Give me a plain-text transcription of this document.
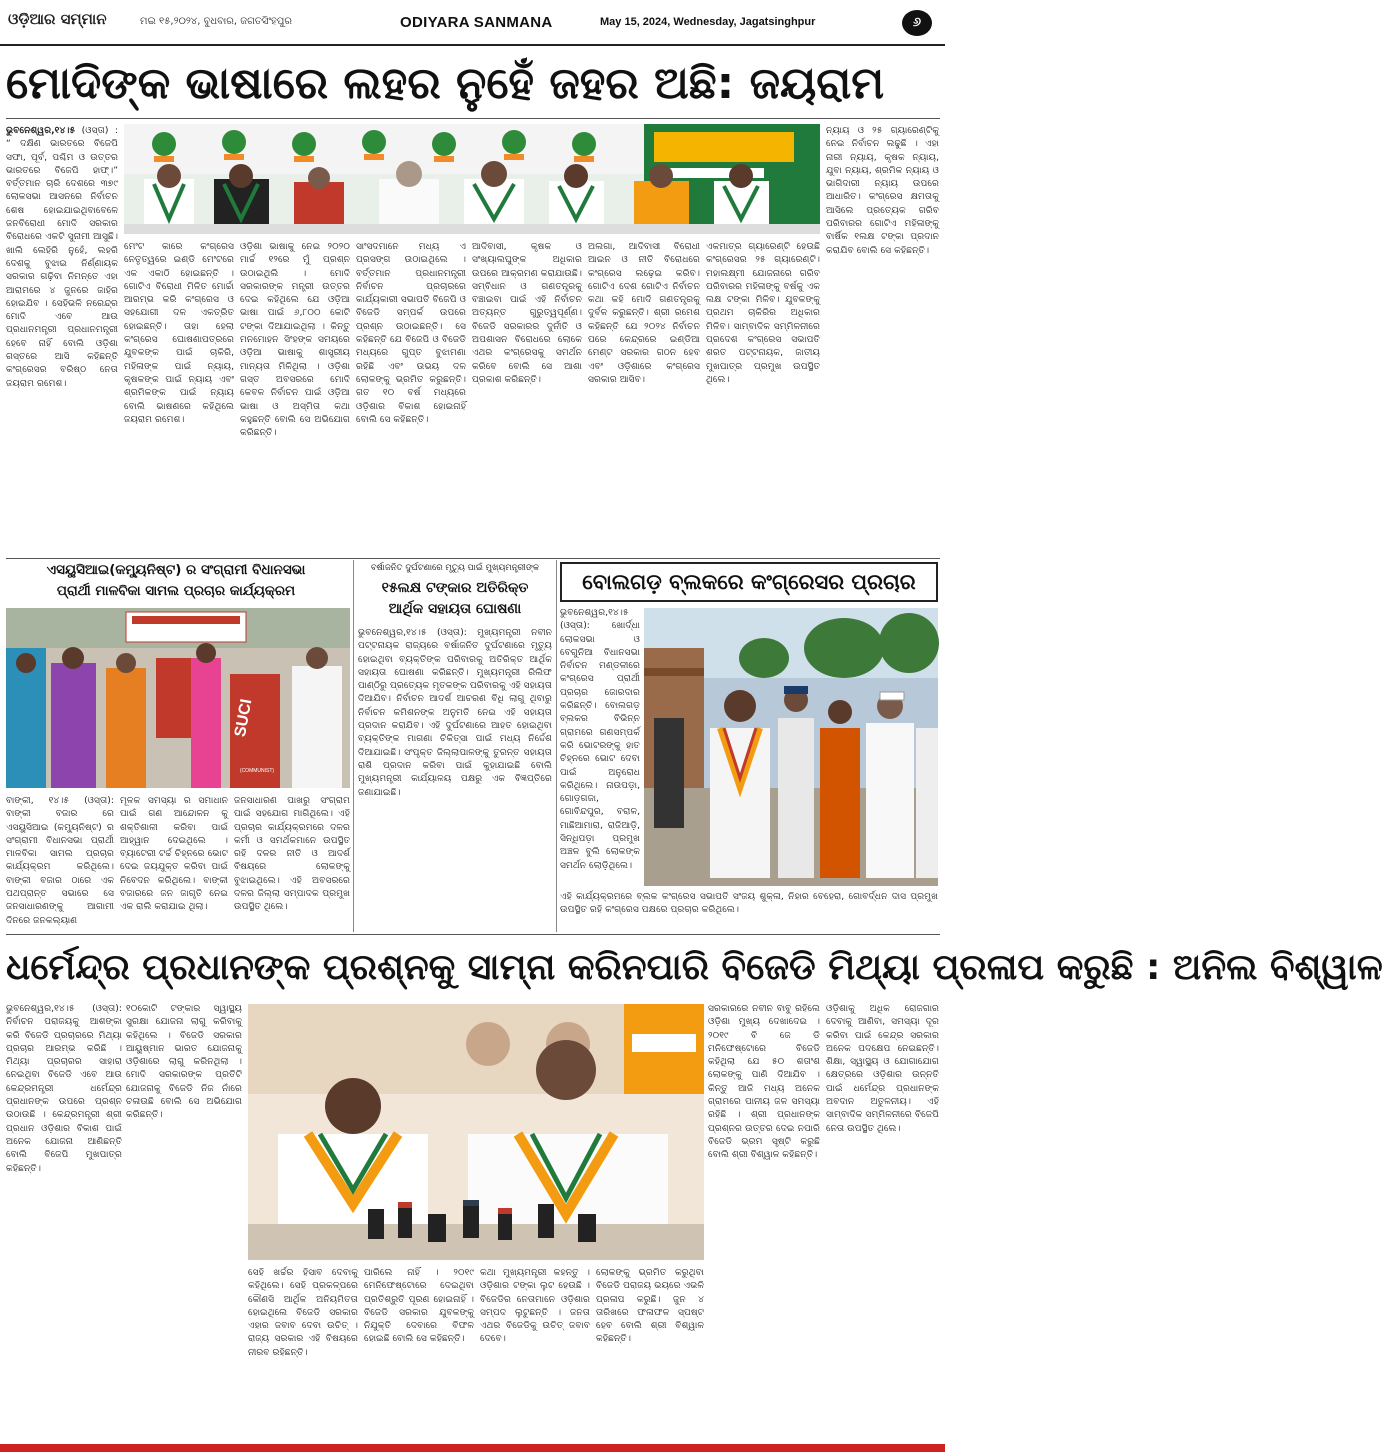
ଓଡ଼ିଆର ସମ୍ମାନ	ମଇ ୧୫,୨୦୨୪, ବୁଧବାର, ଜଗତସିଂହପୁର	ODIYARA SANMANA	May 15, 2024, Wednesday, Jagatsinghpur	୬
ମୋଦିଙ୍କ ଭାଷାରେ ଲହର ନୁହେଁ ଜହର ଅଛି: ଜୟରାମ
ଭୁବନେଶ୍ୱର,୧୪।୫ (ଓସ୍ତା) : “ ଦକ୍ଷିଣ ଭାରତରେ ବିଜେପି ସଫା, ପୂର୍ବ, ପଶ୍ଚିମ ଓ ଉତ୍ତର ଭାରତରେ ବିଜେପି ହାଫ୍।” ବର୍ତ୍ତମାନ ଚାରି ଦେଶରେ ୩୭୯ ଲୋକସଭା ଆସନରେ ନିର୍ବାଚନ ଶେଷ ହୋଇଯାଇଥିବାବେଳେ ଜନବିରୋଧୀ ମୋଦି ସରକାର ବିରୋଧରେ ଏକଟି ସୁନାମୀ ଆସୁଛି। ଖାଲି ଲେହିରି ନୁହେଁ, ଲହରି ଦେଶକୁ ବୁଝାଇ ନିର୍ଣ୍ଣାୟକ ସରକାର ଗଢ଼ିବା ନିମନ୍ତେ ଏହା ଆରାମରେ ୪ ଜୁନରେ ଜାହିର ହୋଇଯିବ । ସେହିଭଳି ନରେନ୍ଦ୍ର ମୋଦି ଏବେ ଆଉ ପ୍ରଧାନମନ୍ତ୍ରୀ ପ୍ରଧାନମନ୍ତ୍ରୀ ହେବେ ନାହିଁ ବୋଲି ଓଡ଼ିଶା ଗସ୍ତରେ ଆସି କହିଛନ୍ତି କଂଗ୍ରେସର ବରିଷ୍ଠ ନେତା ଜୟରାମ ରମେଶ।
ନ୍ୟାୟ ଓ ୨୫ ଗ୍ୟାରେଣ୍ଟିକୁ ନେଇ ନିର୍ବାଚନ ଲଢୁଛି । ଏହା ନାରୀ ନ୍ୟାୟ, କୃଷକ ନ୍ୟାୟ, ଯୁବା ନ୍ୟାୟ, ଶ୍ରମିକ ନ୍ୟାୟ ଓ ଭାଗିଦାରୀ ନ୍ୟାୟ ଉପରେ ଆଧାରିତ। କଂଗ୍ରେସ କ୍ଷମତାକୁ ଆସିଲେ ପ୍ରତ୍ୟେକ ଗରିବ ପରିବାରର ଗୋଟିଏ ମହିଳାଙ୍କୁ ବାର୍ଷିକ ୧ଲକ୍ଷ ଟଙ୍କା ପ୍ରଦାନ କରାଯିବ ବୋଲି ସେ କହିଛନ୍ତି।
ମେଂଟ କାରେ କଂଗ୍ରେସ ନେତୃତ୍ୱରେ ଇଣ୍ଡି ମେଂଟରେ ଏକ ଏକାଠି ହୋଇଛନ୍ତି । ଗୋଟିଏ ବିରୋଧୀ ମିଳିତ ମୋର୍ଚ୍ଚା ଆରମ୍ଭ କରି କଂଗ୍ରେସ ଓ ସହଯୋଗୀ ଦଳ ଏକତ୍ରିତ ହୋଇଛନ୍ତି। ତାହା ହେଲା କଂଗ୍ରେସ ଘୋଷଣାପତ୍ରରେ ଯୁବକଙ୍କ ପାଇଁ ଚାକିରି, ମହିଳାଙ୍କ ପାଇଁ ନ୍ୟାୟ, କୃଷକଙ୍କ ପାଇଁ ନ୍ୟାୟ ଏବଂ ଶ୍ରମିକଙ୍କ ପାଇଁ ନ୍ୟାୟ ବୋଲି ଭାଷଣରେ କହିଥିଲେ ଜୟରାମ ରମେଶ।
ଓଡ଼ିଶା ଭାଷାକୁ ନେଇ ୨୦୨୦ ମାର୍ଚ୍ଚ ୧୨ରେ ମୁଁ ପ୍ରଶ୍ନ ଉଠାଇଥିଲି । ମୋଦି ସରକାରଙ୍କ ମନ୍ତ୍ରୀ ଉତ୍ତର ଦେଇ କହିଥିଲେ ଯେ ଓଡ଼ିଆ ଭାଷା ପାଇଁ ୬,୮୦୦ କୋଟି ଟଙ୍କା ଦିଆଯାଇଥିଲା । କିନ୍ତୁ ମନମୋହନ ସିଂହଙ୍କ ସମୟରେ ଓଡ଼ିଆ ଭାଷାକୁ ଶାସ୍ତ୍ରୀୟ ମାନ୍ୟତା ମିଳିଥିଲା । ଓଡ଼ିଶା ଗସ୍ତ ଅବସରରେ ମୋଦି କେବଳ ନିର୍ବାଚନ ପାଇଁ ଓଡ଼ିଆ ଭାଷା ଓ ଅସ୍ମିତା କଥା କହୁଛନ୍ତି ବୋଲି ସେ ଅଭିଯୋଗ କରିଛନ୍ତି।
ସାଂସଦମାନେ ମଧ୍ୟ ଏ ପ୍ରସଙ୍ଗ ଉଠାଇଥିଲେ । ବର୍ତ୍ତମାନ ପ୍ରଧାନମନ୍ତ୍ରୀ ନିର୍ବାଚନ ପ୍ରଚାରରେ କାର୍ଯ୍ୟକାରୀ ସଭାପତି ବିଜେପି ଓ ବିଜେଡି ସମ୍ପର୍କ ଉପରେ ପ୍ରଶ୍ନ ଉଠାଇଛନ୍ତି। ସେ କହିଛନ୍ତି ଯେ ବିଜେପି ଓ ବିଜେଡି ମଧ୍ୟରେ ଗୁପ୍ତ ବୁଝାମଣା ରହିଛି ଏବଂ ଉଭୟ ଦଳ ଲୋକଙ୍କୁ ଭ୍ରମିତ କରୁଛନ୍ତି। ଗତ ୧୦ ବର୍ଷ ମଧ୍ୟରେ ଓଡ଼ିଶାର ବିକାଶ ହୋଇନାହିଁ ବୋଲି ସେ କହିଛନ୍ତି।
ଆଦିବାସୀ, କୃଷକ ଓ ସଂଖ୍ୟାଲଘୁଙ୍କ ଅଧିକାର ଉପରେ ଆକ୍ରମଣ କରାଯାଉଛି। ସମ୍ବିଧାନ ଓ ଗଣତନ୍ତ୍ରକୁ ବଞ୍ଚାଇବା ପାଇଁ ଏହି ନିର୍ବାଚନ ଅତ୍ୟନ୍ତ ଗୁରୁତ୍ୱପୂର୍ଣ୍ଣ। ବିଜେଡି ସରକାରର ଦୁର୍ନୀତି ଓ ଅପଶାସନ ବିରୋଧରେ ଲୋକେ ଏଥର କଂଗ୍ରେସକୁ ସମର୍ଥନ କରିବେ ବୋଲି ସେ ଆଶା ପ୍ରକାଶ କରିଛନ୍ତି।
ଅଲଗା, ଆଦିବାସୀ ବିରୋଧୀ ଆଇନ ଓ ନୀତି ବିରୋଧରେ କଂଗ୍ରେସ ଲଢ଼େଇ କରିବ। ଗୋଟିଏ ଦେଶ ଗୋଟିଏ ନିର୍ବାଚନ କଥା କହି ମୋଦି ଗଣତନ୍ତ୍ରକୁ ଦୁର୍ବଳ କରୁଛନ୍ତି। ଶ୍ରୀ ରମେଶ କହିଛନ୍ତି ଯେ ୨୦୨୪ ନିର୍ବାଚନ ପରେ କେନ୍ଦ୍ରରେ ଇଣ୍ଡିଆ ମେଣ୍ଟ ସରକାର ଗଠନ ହେବ ଏବଂ ଓଡ଼ିଶାରେ କଂଗ୍ରେସ ସରକାର ଆସିବ।
ଏକମାତ୍ର ଗ୍ୟାରେଣ୍ଟି ହେଉଛି କଂଗ୍ରେସର ୨୫ ଗ୍ୟାରେଣ୍ଟି। ମହାଲକ୍ଷ୍ମୀ ଯୋଜନାରେ ଗରିବ ପରିବାରର ମହିଳାଙ୍କୁ ବର୍ଷକୁ ଏକ ଲକ୍ଷ ଟଙ୍କା ମିଳିବ। ଯୁବକଙ୍କୁ ପ୍ରଥମ ଚାକିରିର ଅଧିକାର ମିଳିବ। ସାମ୍ବାଦିକ ସମ୍ମିଳନୀରେ ପ୍ରଦେଶ କଂଗ୍ରେସ ସଭାପତି ଶରତ ପଟ୍ଟନାୟକ, ଜାତୀୟ ମୁଖପାତ୍ର ପ୍ରମୁଖ ଉପସ୍ଥିତ ଥିଲେ।
ଏସୟୁସିଆଇ(କମ୍ୟୁନିଷ୍ଟ) ର ସଂଗ୍ରାମୀ ବିଧାନସଭା
ପ୍ରାର୍ଥୀ ମାଳବିକା ସାମଲ ପ୍ରଚାର କାର୍ଯ୍ୟକ୍ରମ
SUCI
(COMMUNIST)
ବାଙ୍କୀ, ୧୪।୫ (ଓସ୍ତା): ବାଙ୍କୀ ବଜାର ରେ ଏସୟୁସିଆଇ (କମ୍ୟୁନିଷ୍ଟ) ର ସଂଗ୍ରାମୀ ବିଧାନସଭା ପ୍ରାର୍ଥୀ ମାଳବିକା ସାମଲ ପ୍ରଚାର କାର୍ଯ୍ୟକ୍ରମ କରିଥିଲେ। ବାଙ୍କୀ ବଜାର ଠାରେ ଏକ ପଥପ୍ରାନ୍ତ ସଭାରେ ସେ ଜନସାଧାରଣଙ୍କୁ ଆଗାମୀ ଦିନରେ ଜନକଲ୍ୟାଣ
ମୂଳକ ସମସ୍ୟା ର ସମାଧାନ ପାଇଁ ଗଣ ଆନ୍ଦୋଳନ କୁ ଶକ୍ତିଶାଳୀ କରିବା ପାଇଁ ଆହ୍ୱାନ ଦେଇଥିଲେ । ବ୍ୟାଟେରୀ ଟର୍ଚ୍ଚ ଚିହ୍ନରେ ଭୋଟ ଦେଇ ଜୟଯୁକ୍ତ କରିବା ପାଇଁ ନିବେଦନ କରିଥିଲେ। ବାଙ୍କୀ ବଜାରରେ ଜନ ଜାଗୃତି ନେଇ ଏକ ରାଲି କରାଯାଇ ଥିଲା।
ଜନସାଧାରଣ ପାଖରୁ ସଂଗ୍ରାମ ପାଇଁ ସହଯୋଗ ମାଗିଥିଲେ। ଏହି ପ୍ରଚାର କାର୍ଯ୍ୟକ୍ରମରେ ଦଳର କର୍ମୀ ଓ ସମର୍ଥକମାନେ ଉପସ୍ଥିତ ରହି ଦଳର ନୀତି ଓ ଆଦର୍ଶ ବିଷୟରେ ଲୋକଙ୍କୁ ବୁଝାଇଥିଲେ। ଏହି ଅବସରରେ ଦଳର ଜିଲ୍ଲା ସମ୍ପାଦକ ପ୍ରମୁଖ ଉପସ୍ଥିତ ଥିଲେ।
ବର୍ଷାଜନିତ ଦୁର୍ଘଟଣାରେ ମୃତ୍ୟୁ ପାଇଁ ମୁଖ୍ୟମନ୍ତ୍ରୀଙ୍କ
୧୫ଲକ୍ଷ ଟଙ୍କାର ଅତିରିକ୍ତ
ଆର୍ଥିକ ସହାୟତା ଘୋଷଣା
ଭୁବନେଶ୍ୱର,୧୪।୫ (ଓସ୍ତା): ମୁଖ୍ୟମନ୍ତ୍ରୀ ନବୀନ ପଟ୍ଟନାୟକ ରାଜ୍ୟରେ ବର୍ଷାଜନିତ ଦୁର୍ଘଟଣାରେ ମୃତ୍ୟୁ ହୋଇଥିବା ବ୍ୟକ୍ତିଙ୍କ ପରିବାରକୁ ଅତିରିକ୍ତ ଆର୍ଥିକ ସହାୟତା ଘୋଷଣା କରିଛନ୍ତି। ମୁଖ୍ୟମନ୍ତ୍ରୀ ରିଲିଫ ପାଣ୍ଠିରୁ ପ୍ରତ୍ୟେକ ମୃତକଙ୍କ ପରିବାରକୁ ଏହି ସହାୟତା ଦିଆଯିବ। ନିର୍ବାଚନ ଆଦର୍ଶ ଆଚରଣ ବିଧି ଲାଗୁ ଥିବାରୁ ନିର୍ବାଚନ କମିଶନଙ୍କ ଅନୁମତି ନେଇ ଏହି ସହାୟତା ପ୍ରଦାନ କରାଯିବ। ଏହି ଦୁର୍ଘଟଣାରେ ଆହତ ହୋଇଥିବା ବ୍ୟକ୍ତିଙ୍କ ମାଗଣା ଚିକିତ୍ସା ପାଇଁ ମଧ୍ୟ ନିର୍ଦ୍ଦେଶ ଦିଆଯାଇଛି। ସଂପୃକ୍ତ ଜିଲ୍ଲାପାଳଙ୍କୁ ତୁରନ୍ତ ସହାୟତା ରାଶି ପ୍ରଦାନ କରିବା ପାଇଁ କୁହାଯାଇଛି ବୋଲି ମୁଖ୍ୟମନ୍ତ୍ରୀ କାର୍ଯ୍ୟାଳୟ ପକ୍ଷରୁ ଏକ ବିଜ୍ଞପ୍ତିରେ ଜଣାଯାଇଛି।
ବୋଲଗଡ଼ ବ୍ଲକରେ କଂଗ୍ରେସର ପ୍ରଚାର
ଭୁବନେଶ୍ୱର,୧୪।୫ (ଓସ୍ତା): ଖୋର୍ଦ୍ଧା ଲୋକସଭା ଓ ବେଗୁନିଆ ବିଧାନସଭା ନିର୍ବାଚନ ମଣ୍ଡଳୀରେ କଂଗ୍ରେସ ପ୍ରାର୍ଥୀ ପ୍ରଚାର ଜୋରଦାର କରିଛନ୍ତି। ବୋଲଗଡ଼ ବ୍ଲକର ବିଭିନ୍ନ ଗ୍ରାମରେ ଗଣସମ୍ପର୍କ କରି ଭୋଟରଙ୍କୁ ହାତ ଚିହ୍ନରେ ଭୋଟ ଦେବା ପାଇଁ ଅନୁରୋଧ କରିଥିଲେ। ନାଉପଡ଼ା, ଗୋଡ଼ଗଜା, ଗୋବିନ୍ଦପୁର, ବରାଳ, ମାଛିଆମାରା, ରାଜିଆଡ଼ି, ସିନ୍ଧିପଡ଼ା ପ୍ରମୁଖ ଅଞ୍ଚଳ ବୁଲି ଲୋକଙ୍କ ସମର୍ଥନ ଲୋଡ଼ିଥିଲେ।
ଏହି କାର୍ଯ୍ୟକ୍ରମରେ ବ୍ଲକ କଂଗ୍ରେସ ସଭାପତି ସଂଜୟ ଶୁକ୍ଳା, ନିହାର ବେହେରା, ଗୋବର୍ଦ୍ଧନ ଦାସ ପ୍ରମୁଖ ଉପସ୍ଥିତ ରହି କଂଗ୍ରେସ ପକ୍ଷରେ ପ୍ରଚାର କରିଥିଲେ।
ଧର୍ମେନ୍ଦ୍ର ପ୍ରଧାନଙ୍କ ପ୍ରଶ୍ନକୁ ସାମ୍ନା କରିନପାରି ବିଜେଡି ମିଥ୍ୟା ପ୍ରଳାପ କରୁଛି : ଅନିଲ ବିଶ୍ୱାଳ
ଭୁବନେଶ୍ୱର,୧୪।୫ (ଓସ୍ତା): ନିର୍ବାଚନ ପରାଜୟକୁ ଆଶଙ୍କା କରି ବିଜେଡି ପ୍ରଚାରରେ ମିଥ୍ୟା ପ୍ରଚାର ଆରମ୍ଭ କରିଛି । ମିଥ୍ୟା ପ୍ରଚାରର ସାହାରା ନେଇଥିବା ବିଜେଡି ଏବେ ଆଉ କେନ୍ଦ୍ରମନ୍ତ୍ରୀ ଧର୍ମେନ୍ଦ୍ର ପ୍ରଧାନଙ୍କ ଉପରେ ପ୍ରଶ୍ନ ଉଠାଉଛି । କେନ୍ଦ୍ରମନ୍ତ୍ରୀ ଶ୍ରୀ ପ୍ରଧାନ ଓଡ଼ିଶାର ବିକାଶ ପାଇଁ ଅନେକ ଯୋଜନା ଆଣିଛନ୍ତି ବୋଲି ବିଜେପି ମୁଖପାତ୍ର କହିଛନ୍ତି।
୧୦କୋଟି ଟଙ୍କାର ସ୍ୱାସ୍ଥ୍ୟ ସୁରକ୍ଷା ଯୋଜନା ଲାଗୁ କରିବାକୁ କହିଥିଲେ । ବିଜେଡି ସରକାର ଆୟୁଷ୍ମାନ ଭାରତ ଯୋଜନାକୁ ଓଡ଼ିଶାରେ ଲାଗୁ କରିନଥିଲା । ମୋଦି ସରକାରଙ୍କ ପ୍ରତିଟି ଯୋଜନାକୁ ବିଜେଡି ନିଜ ନାଁରେ ଚଳାଉଛି ବୋଲି ସେ ଅଭିଯୋଗ କରିଛନ୍ତି।
ସରକାରରେ ନବୀନ ବାବୁ ରହିଲେ ଓଡ଼ିଶା ମୁଖ୍ୟ ଦେଖାଦେଇ । ୨୦୧୯ ବି ଜେ ଡି ମନିଫେଷ୍ଟୋରେ ବିଜେଡି କହିଥିଲା ଯେ ୫୦ ଶତାଂଶ ଲୋକଙ୍କୁ ପାଣି ଦିଆଯିବ । କିନ୍ତୁ ଆଜି ମଧ୍ୟ ଅନେକ ଗ୍ରାମରେ ପାନୀୟ ଜଳ ସମସ୍ୟା ରହିଛି । ଶ୍ରୀ ପ୍ରଧାନଙ୍କ ପ୍ରଶ୍ନର ଉତ୍ତର ଦେଇ ନପାରି ବିଜେଡି ଭ୍ରମ ସୃଷ୍ଟି କରୁଛି ବୋଲି ଶ୍ରୀ ବିଶ୍ୱାଳ କହିଛନ୍ତି।
ଓଡ଼ିଶାକୁ ଅଧିକ ରୋଜଗାର ଦେବାକୁ ଆଣିବା, ସମସ୍ୟା ଦୂର କରିବା ପାଇଁ କେନ୍ଦ୍ର ସରକାର ଅନେକ ପଦକ୍ଷେପ ନେଇଛନ୍ତି। ଶିକ୍ଷା, ସ୍ୱାସ୍ଥ୍ୟ ଓ ଯୋଗାଯୋଗ କ୍ଷେତ୍ରରେ ଓଡ଼ିଶାର ଉନ୍ନତି ପାଇଁ ଧର୍ମେନ୍ଦ୍ର ପ୍ରଧାନଙ୍କ ଅବଦାନ ଅତୁଳନୀୟ। ଏହି ସାମ୍ବାଦିକ ସମ୍ମିଳନୀରେ ବିଜେପି ନେତା ଉପସ୍ଥିତ ଥିଲେ।
ସେହି ଖର୍ଚ୍ଚର ହିସାବ ଦେବାକୁ କହିଥିଲେ। ସେହି ପ୍ରକଳ୍ପରେ କୌଣସି ଆର୍ଥିକ ଅନିୟମିତତା ହୋଇଥିଲେ ବିଜେଡି ସରକାର ଏହାର ଜବାବ ଦେବା ଉଚିତ୍ । ରାଜ୍ୟ ସରକାର ଏହି ବିଷୟରେ ନୀରବ ରହିଛନ୍ତି।
ପାରିଲେ ନାହିଁ । ୨୦୧୯ ମେନିଫେଷ୍ଟୋରେ ଦେଇଥିବା ପ୍ରତିଶ୍ରୁତି ପୂରଣ ହୋଇନାହିଁ । ବିଜେଡି ସରକାର ଯୁବକଙ୍କୁ ନିଯୁକ୍ତି ଦେବାରେ ବିଫଳ ହୋଇଛି ବୋଲି ସେ କହିଛନ୍ତି।
କଥା ମୁଖ୍ୟମନ୍ତ୍ରୀ କହନ୍ତୁ । ଓଡ଼ିଶାର ଟଙ୍କା ଲୁଟ ହେଉଛି । ବିଜେଡିର ନେତାମାନେ ଓଡ଼ିଶାର ସମ୍ପଦ ଲୁଟୁଛନ୍ତି । ଜନତା ଏଥର ବିଜେଡିକୁ ଉଚିତ୍ ଜବାବ ଦେବେ।
ଲୋକଙ୍କୁ ଭ୍ରମିତ କରୁଥିବା ବିଜେଡି ପରାଜୟ ଭୟରେ ଏଭଳି ପ୍ରଳାପ କରୁଛି। ଜୁନ ୪ ତାରିଖରେ ଫଳାଫଳ ସ୍ପଷ୍ଟ ହେବ ବୋଲି ଶ୍ରୀ ବିଶ୍ୱାଳ କହିଛନ୍ତି।
